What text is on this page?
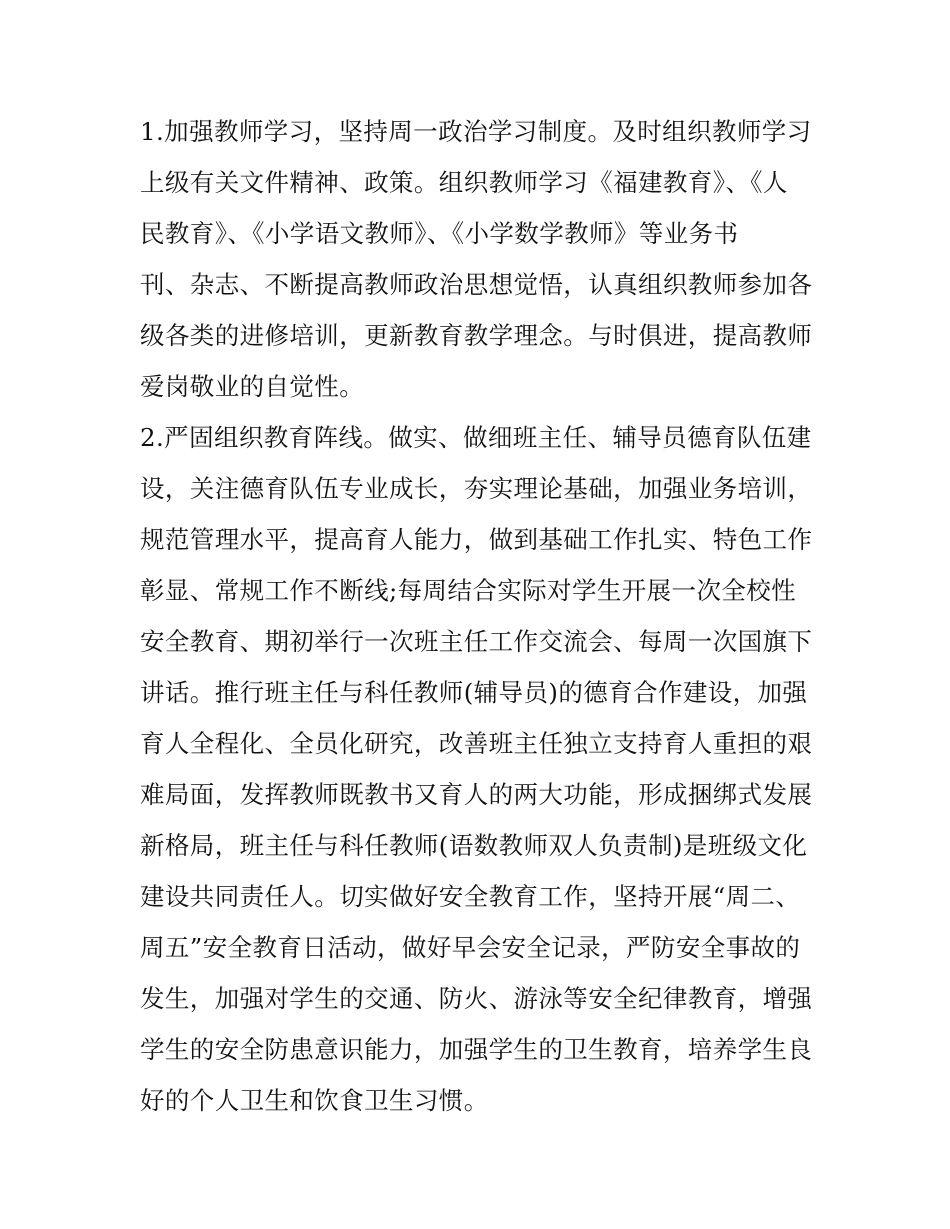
1.加强教师学习，坚持周一政治学习制度。及时组织教师学习
上级有关文件精神、政策。组织教师学习《福建教育》、《人
民教育》、《小学语文教师》、《小学数学教师》等业务书
刊、杂志、不断提高教师政治思想觉悟，认真组织教师参加各
级各类的进修培训，更新教育教学理念。与时俱进，提高教师
爱岗敬业的自觉性。
2.严固组织教育阵线。做实、做细班主任、辅导员德育队伍建
设，关注德育队伍专业成长，夯实理论基础，加强业务培训，
规范管理水平，提高育人能力，做到基础工作扎实、特色工作
彰显、常规工作不断线;每周结合实际对学生开展一次全校性
安全教育、期初举行一次班主任工作交流会、每周一次国旗下
讲话。推行班主任与科任教师(辅导员)的德育合作建设，加强
育人全程化、全员化研究，改善班主任独立支持育人重担的艰
难局面，发挥教师既教书又育人的两大功能，形成捆绑式发展
新格局，班主任与科任教师(语数教师双人负责制)是班级文化
建设共同责任人。切实做好安全教育工作，坚持开展“周二、
周五”安全教育日活动，做好早会安全记录，严防安全事故的
发生，加强对学生的交通、防火、游泳等安全纪律教育，增强
学生的安全防患意识能力，加强学生的卫生教育，培养学生良
好的个人卫生和饮食卫生习惯。
